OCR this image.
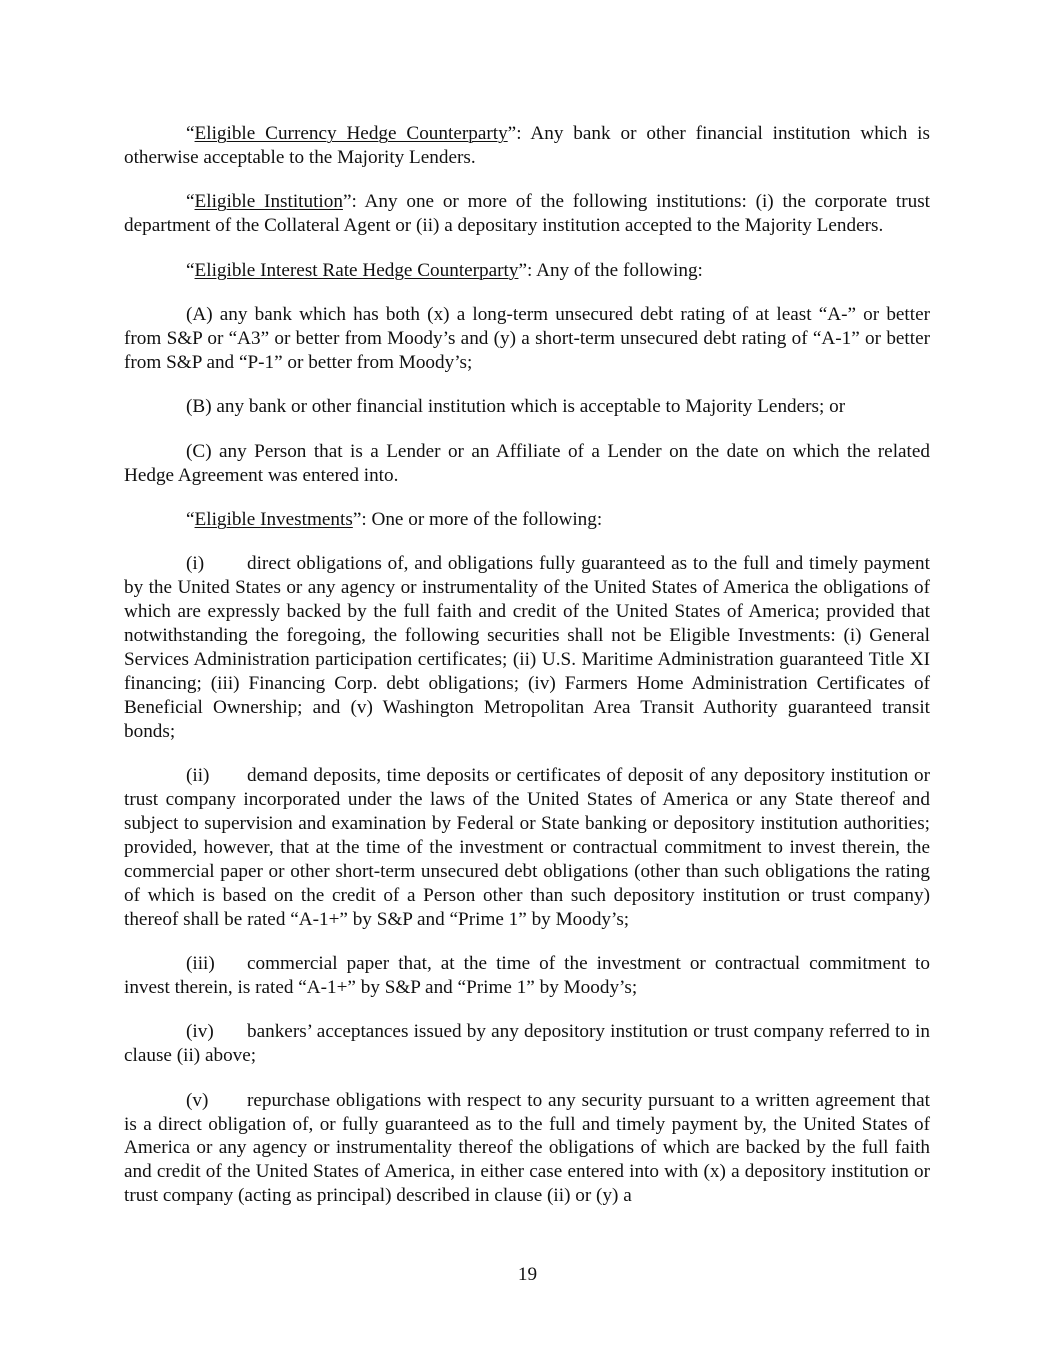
“Eligible Currency Hedge Counterparty”: Any bank or other financial institution which is otherwise acceptable to the Majority Lenders.

“Eligible Institution”: Any one or more of the following institutions: (i) the corporate trust department of the Collateral Agent or (ii) a depositary institution accepted to the Majority Lenders.

“Eligible Interest Rate Hedge Counterparty”: Any of the following:

(A) any bank which has both (x) a long-term unsecured debt rating of at least “A-” or better from S&P or “A3” or better from Moody’s and (y) a short-term unsecured debt rating of “A-1” or better from S&P and “P-1” or better from Moody’s;

(B) any bank or other financial institution which is acceptable to Majority Lenders; or

(C) any Person that is a Lender or an Affiliate of a Lender on the date on which the related Hedge Agreement was entered into.

“Eligible Investments”: One or more of the following:

(i) direct obligations of, and obligations fully guaranteed as to the full and timely payment by the United States or any agency or instrumentality of the United States of America the obligations of which are expressly backed by the full faith and credit of the United States of America; provided that notwithstanding the foregoing, the following securities shall not be Eligible Investments: (i) General Services Administration participation certificates; (ii) U.S. Maritime Administration guaranteed Title XI financing; (iii) Financing Corp. debt obligations; (iv) Farmers Home Administration Certificates of Beneficial Ownership; and (v) Washington Metropolitan Area Transit Authority guaranteed transit bonds;

(ii) demand deposits, time deposits or certificates of deposit of any depository institution or trust company incorporated under the laws of the United States of America or any State thereof and subject to supervision and examination by Federal or State banking or depository institution authorities; provided, however, that at the time of the investment or contractual commitment to invest therein, the commercial paper or other short-term unsecured debt obligations (other than such obligations the rating of which is based on the credit of a Person other than such depository institution or trust company) thereof shall be rated “A-1+” by S&P and “Prime 1” by Moody’s;

(iii) commercial paper that, at the time of the investment or contractual commitment to invest therein, is rated “A-1+” by S&P and “Prime 1” by Moody’s;

(iv) bankers’ acceptances issued by any depository institution or trust company referred to in clause (ii) above;

(v) repurchase obligations with respect to any security pursuant to a written agreement that is a direct obligation of, or fully guaranteed as to the full and timely payment by, the United States of America or any agency or instrumentality thereof the obligations of which are backed by the full faith and credit of the United States of America, in either case entered into with (x) a depository institution or trust company (acting as principal) described in clause (ii) or (y) a

19
